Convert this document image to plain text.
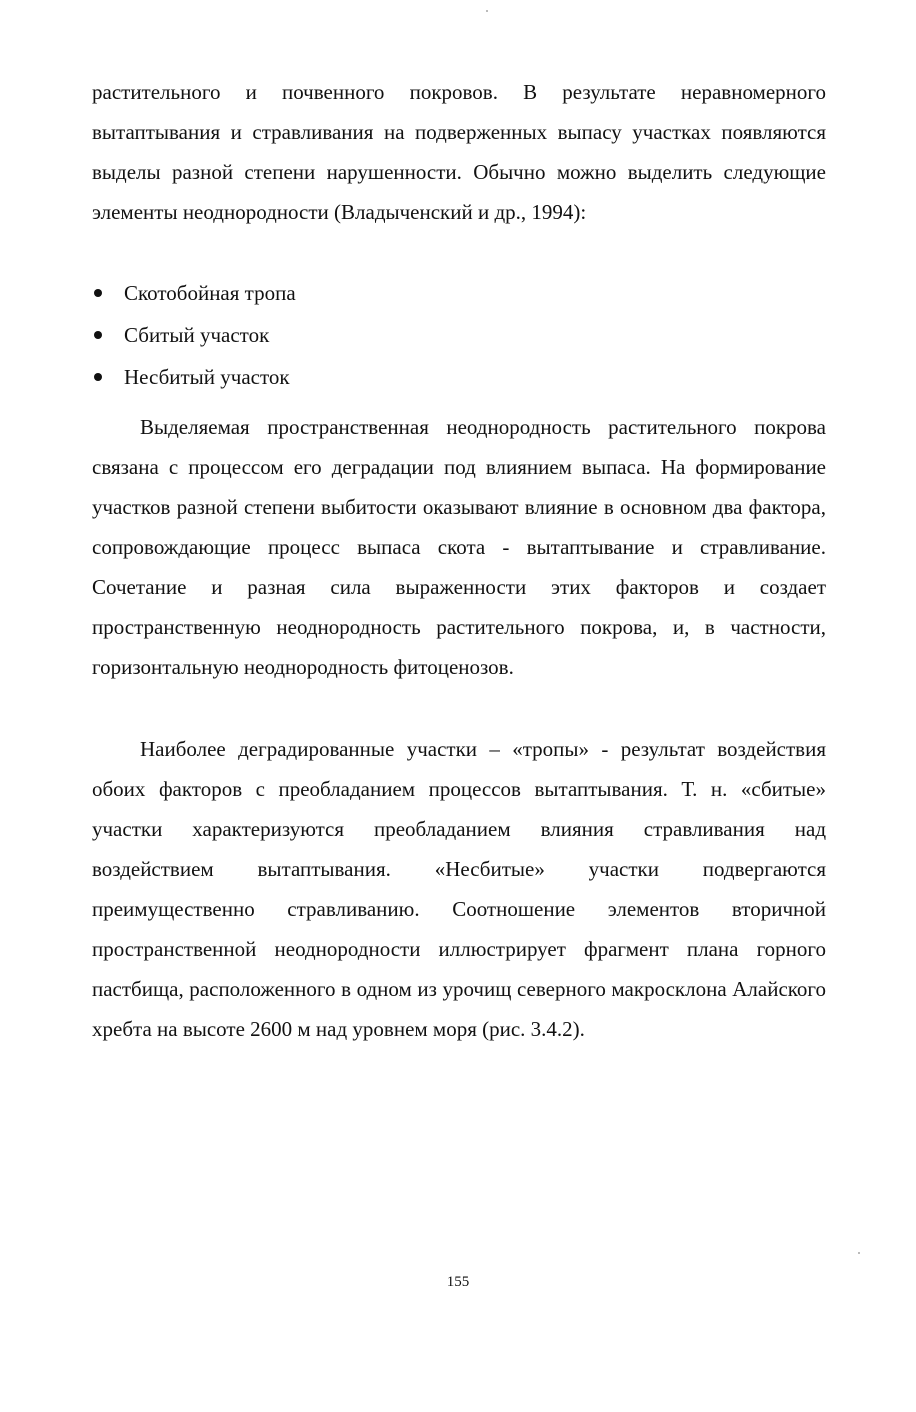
растительного и почвенного покровов. В результате неравномерного вытаптывания и стравливания на подверженных выпасу участках появляются выделы разной степени нарушенности. Обычно можно выделить следующие элементы неоднородности (Владыченский и др., 1994):

Скотобойная тропа
Сбитый участок
Несбитый участок

Выделяемая пространственная неоднородность растительного покрова связана с процессом его деградации под влиянием выпаса. На формирование участков разной степени выбитости оказывают влияние в основном два фактора, сопровождающие процесс выпаса скота - вытаптывание и стравливание. Сочетание и разная сила выраженности этих факторов и создает пространственную неоднородность растительного покрова, и, в частности, горизонтальную неоднородность фитоценозов.

Наиболее деградированные участки – «тропы» - результат воздействия обоих факторов с преобладанием процессов вытаптывания. Т. н. «сбитые» участки характеризуются преобладанием влияния стравливания над воздействием вытаптывания. «Несбитые» участки подвергаются преимущественно стравливанию. Соотношение элементов вторичной пространственной неоднородности иллюстрирует фрагмент плана горного пастбища, расположенного в одном из урочищ северного макросклона Алайского хребта на высоте 2600 м над уровнем моря (рис. 3.4.2).

155
